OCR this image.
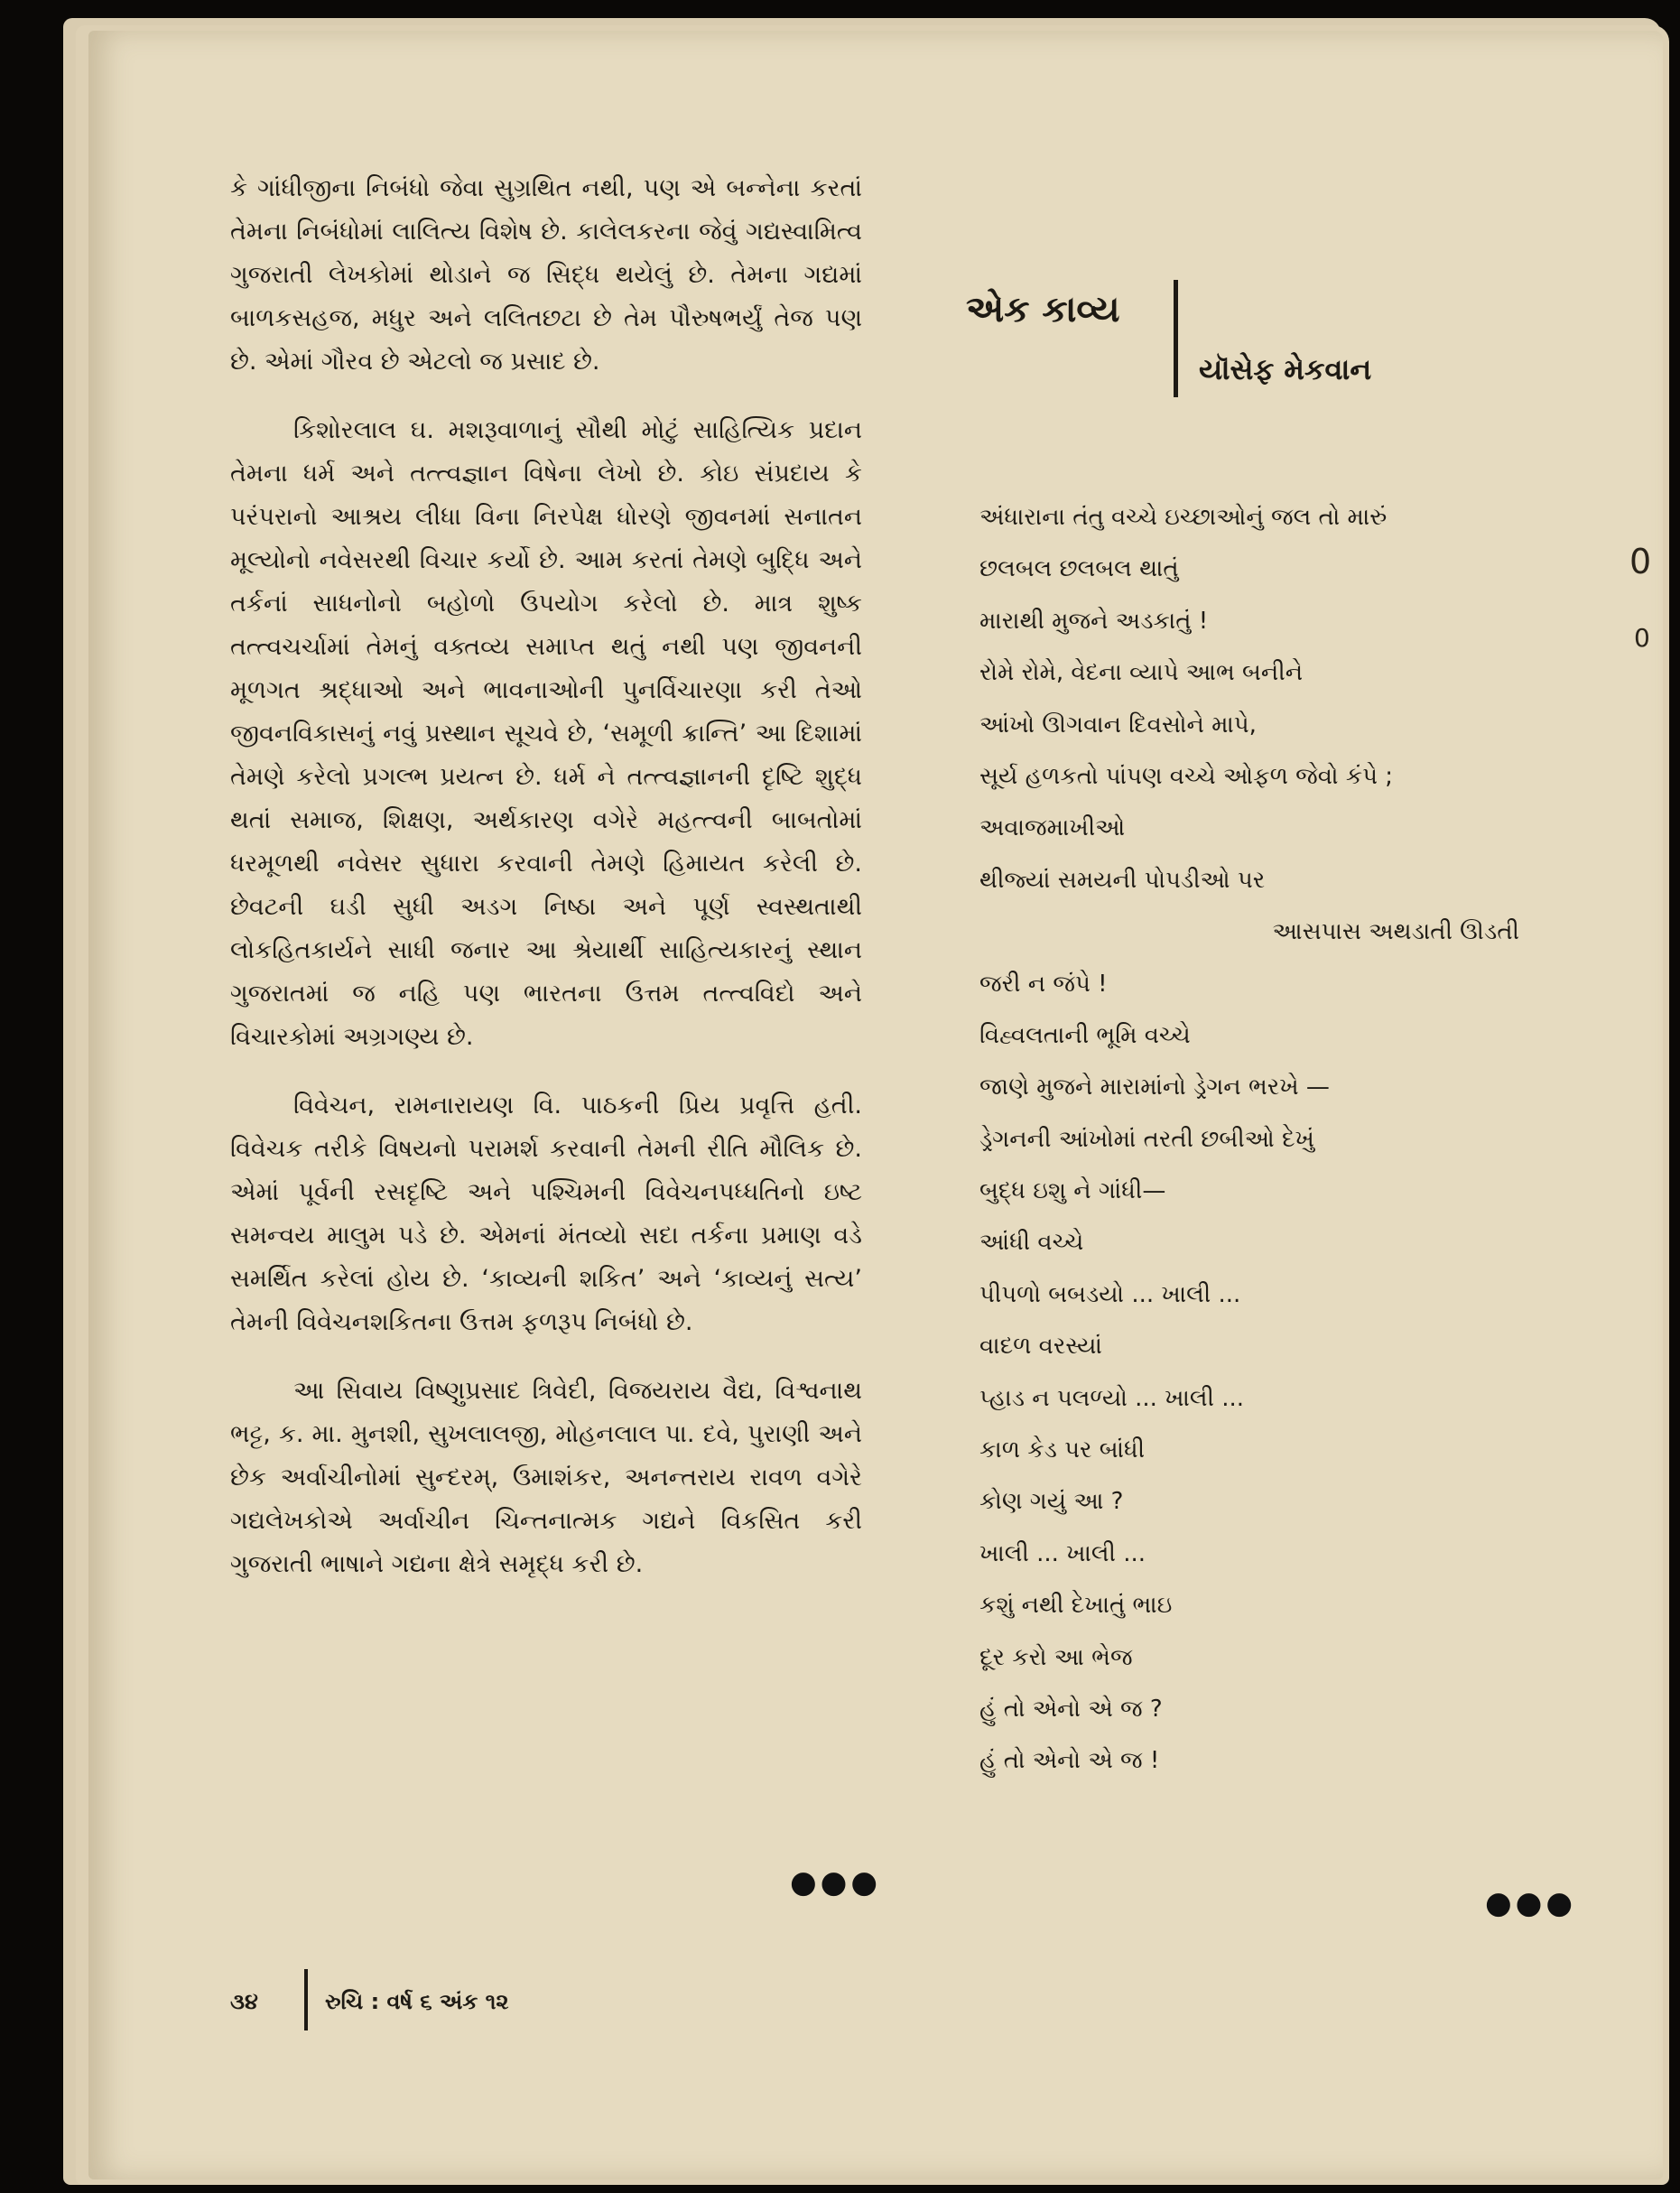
કે ગાંધીજીના નિબંધો જેવા સુગ્રથિત નથી, પણ એ બન્નેના કરતાં તેમના નિબંધોમાં લાલિત્ય વિશેષ છે. કાલેલકરના જેવું ગદ્યસ્વામિત્વ ગુજરાતી લેખકોમાં થોડાને જ સિદ્ધ થયેલું છે. તેમના ગદ્યમાં બાળકસહજ, મધુર અને લલિતછટા છે તેમ પૌરુષભર્યું તેજ પણ છે. એમાં ગૌરવ છે એટલો જ પ્રસાદ છે.

કિશોરલાલ ઘ. મશરૂવાળાનું સૌથી મોટું સાહિત્યિક પ્રદાન તેમના ધર્મ અને તત્ત્વજ્ઞાન વિષેના લેખો છે. કોઇ સંપ્રદાય કે પરંપરાનો આશ્રય લીધા વિના નિરપેક્ષ ધોરણે જીવનમાં સનાતન મૂલ્યોનો નવેસરથી વિચાર કર્યો છે. આમ કરતાં તેમણે બુદ્ધિ અને તર્કનાં સાધનોનો બહોળો ઉપયોગ કરેલો છે. માત્ર શુષ્ક તત્ત્વચર્ચામાં તેમનું વક્તવ્ય સમાપ્ત થતું નથી પણ જીવનની મૂળગત શ્રદ્ધાઓ અને ભાવનાઓની પુનર્વિચારણા કરી તેઓ જીવનવિકાસનું નવું પ્રસ્થાન સૂચવે છે, ‘સમૂળી ક્રાન્તિ’ આ દિશામાં તેમણે કરેલો પ્રગલ્ભ પ્રયત્ન છે. ધર્મ ને તત્ત્વજ્ઞાનની દૃષ્ટિ શુદ્ધ થતાં સમાજ, શિક્ષણ, અર્થકારણ વગેરે મહત્ત્વની બાબતોમાં ધરમૂળથી નવેસર સુધારા કરવાની તેમણે હિમાયત કરેલી છે. છેવટની ઘડી સુધી અડગ નિષ્ઠા અને પૂર્ણ સ્વસ્થતાથી લોકહિતકાર્યને સાધી જનાર આ શ્રેયાર્થી સાહિત્યકારનું સ્થાન ગુજરાતમાં જ નહિ પણ ભારતના ઉત્તમ તત્ત્વવિદો અને વિચારકોમાં અગ્રગણ્ય છે.

વિવેચન, રામનારાયણ વિ. પાઠકની પ્રિય પ્રવૃત્તિ હતી. વિવેચક તરીકે વિષયનો પરામર્શ કરવાની તેમની રીતિ મૌલિક છે. એમાં પૂર્વની રસદૃષ્ટિ અને પશ્ચિમની વિવેચનપધ્ધતિનો ઇષ્ટ સમન્વય માલુમ પડે છે. એમનાં મંતવ્યો સદા તર્કના પ્રમાણ વડે સમર્થિત કરેલાં હોય છે. ‘કાવ્યની શકિત’ અને ‘કાવ્યનું સત્ય’ તેમની વિવેચનશકિતના ઉત્તમ ફળરૂપ નિબંધો છે.

આ સિવાય વિષ્ણુપ્રસાદ ત્રિવેદી, વિજયરાય વૈદ્ય, વિશ્વનાથ ભટ્ટ, ક. મા. મુનશી, સુખલાલજી, મોહનલાલ પા. દવે, પુરાણી અને છેક અર્વાચીનોમાં સુન્દરમ્, ઉમાશંકર, અનન્તરાય રાવળ વગેરે ગદ્યલેખકોએ અર્વાચીન ચિન્તનાત્મક ગદ્યને વિકસિત કરી ગુજરાતી ભાષાને ગદ્યના ક્ષેત્રે સમૃદ્ધ કરી છે.

●●●
એક કાવ્ય
યૉસેફ મેકવાન
અંધારાના તંતુ વચ્ચે ઇચ્છાઓનું જલ તો મારું
છલબલ છલબલ થાતું
મારાથી મુજને અડકાતું !
રોમે રોમે, વેદના વ્યાપે આભ બનીને
આંખો ઊગવાન દિવસોને માપે,
સૂર્ય હળકતો પાંપણ વચ્ચે ઓફળ જેવો કંપે ;
અવાજમાખીઓ
થીજ્યાં સમયની પોપડીઓ પર
આસપાસ અથડાતી ઊડતી
જરી ન જંપે !
વિહ્વલતાની ભૂમિ વચ્ચે
જાણે મુજને મારામાંનો ડ્રેગન ભરખે —
ડ્રેગનની આંખોમાં તરતી છબીઓ દેખું
બુદ્ધ ઇશુ ને ગાંધી—
આંધી વચ્ચે
પીપળો બબડયો ... ખાલી ...
વાદળ વરસ્યાં
પ્હાડ ન પલળ્યો ... ખાલી ...
કાળ કેડ પર બાંધી
કોણ ગયું આ ?
ખાલી ... ખાલી ...
કશું નથી દેખાતું ભાઇ
દૂર કરો આ ભેજ
હું તો એનો એ જ ?
હું તો એનો એ જ !
●●●
0
0
૩૪	રુચિ : વર્ષ ૬ અંક ૧૨
